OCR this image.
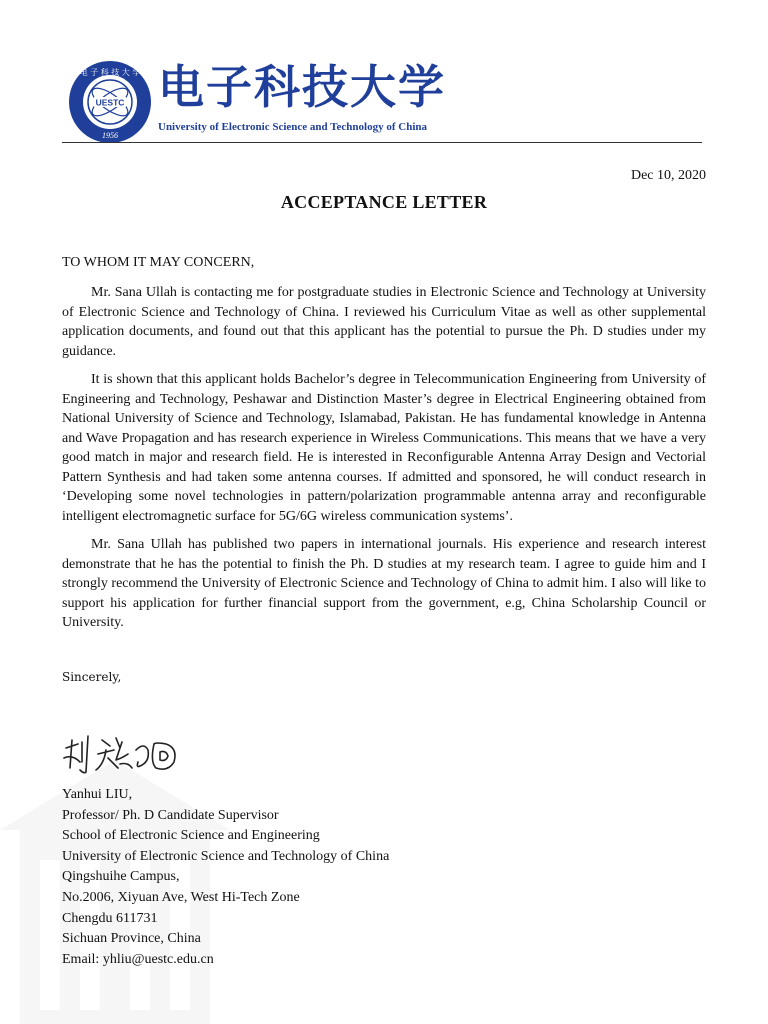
UESTC
电 子 科 技 大 学
1956
电子科技大学
University of Electronic Science and Technology of China
Dec 10, 2020
ACCEPTANCE LETTER
TO WHOM IT MAY CONCERN,

Mr. Sana Ullah is contacting me for postgraduate studies in Electronic Science and Technology at University of Electronic Science and Technology of China. I reviewed his Curriculum Vitae as well as other supplemental application documents, and found out that this applicant has the potential to pursue the Ph. D studies under my guidance.

It is shown that this applicant holds Bachelor’s degree in Telecommunication Engineering from University of Engineering and Technology, Peshawar and Distinction Master’s degree in Electrical Engineering obtained from National University of Science and Technology, Islamabad, Pakistan. He has fundamental knowledge in Antenna and Wave Propagation and has research experience in Wireless Communications. This means that we have a very good match in major and research field. He is interested in Reconfigurable Antenna Array Design and Vectorial Pattern Synthesis and had taken some antenna courses. If admitted and sponsored, he will conduct research in ‘Developing some novel technologies in pattern/polarization programmable antenna array and reconfigurable intelligent electromagnetic surface for 5G/6G wireless communication systems’.

Mr. Sana Ullah has published two papers in international journals. His experience and research interest demonstrate that he has the potential to finish the Ph. D studies at my research team. I agree to guide him and I strongly recommend the University of Electronic Science and Technology of China to admit him. I also will like to support his application for further financial support from the government, e.g, China Scholarship Council or University.

Sincerely,
Yanhui LIU,
Professor/ Ph. D Candidate Supervisor
School of Electronic Science and Engineering
University of Electronic Science and Technology of China
Qingshuihe Campus,
No.2006, Xiyuan Ave, West Hi-Tech Zone
Chengdu 611731
Sichuan Province, China
Email: yhliu@uestc.edu.cn
